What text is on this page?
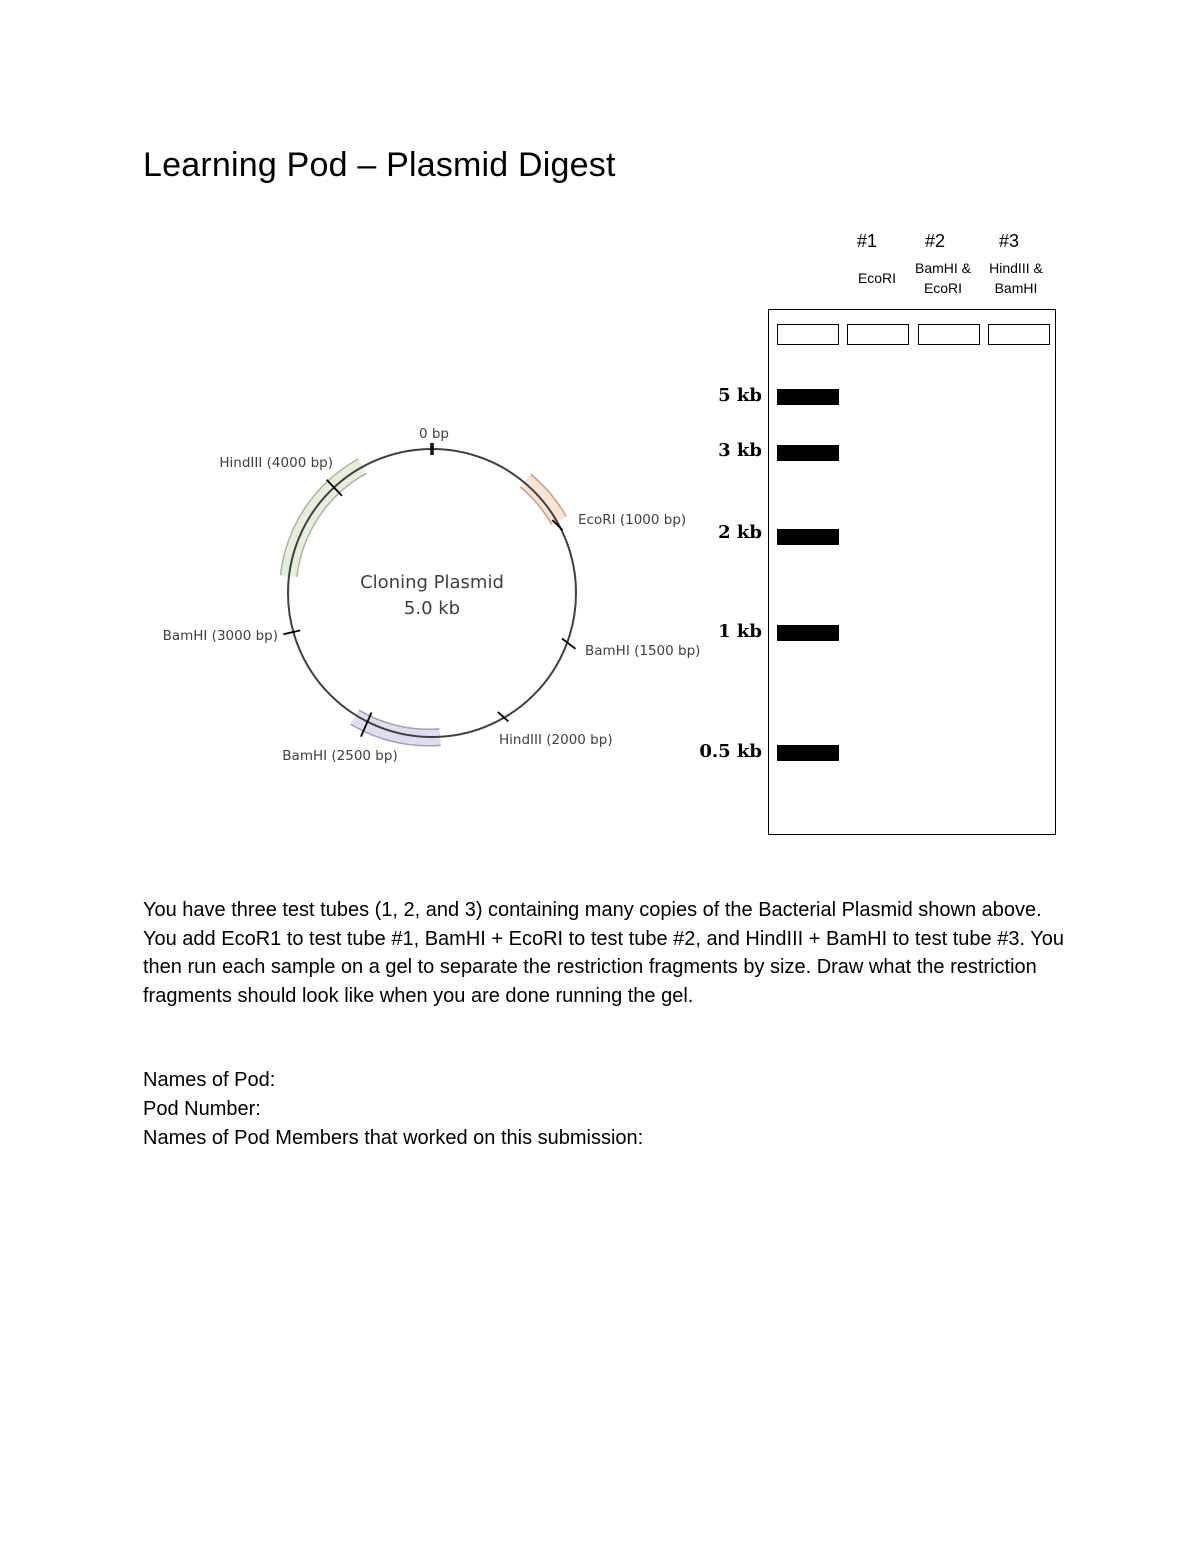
Learning Pod – Plasmid Digest
#1	#2	#3
EcoRI
BamHI &
EcoRI
HindIII &
BamHI
5 kb
3 kb
2 kb
1 kb
0.5 kb
0 bp
EcoRI (1000 bp)
BamHI (1500 bp)
HindIII (2000 bp)
BamHI (2500 bp)
BamHI (3000 bp)
HindIII (4000 bp)
Cloning Plasmid
5.0 kb
You have three test tubes (1, 2, and 3) containing many copies of the Bacterial Plasmid shown above. You add EcoR1 to test tube #1, BamHI + EcoRI to test tube #2, and HindIII + BamHI to test tube #3. You then run each sample on a gel to separate the restriction fragments by size. Draw what the restriction fragments should look like when you are done running the gel.
Names of Pod:
Pod Number:
Names of Pod Members that worked on this submission:
